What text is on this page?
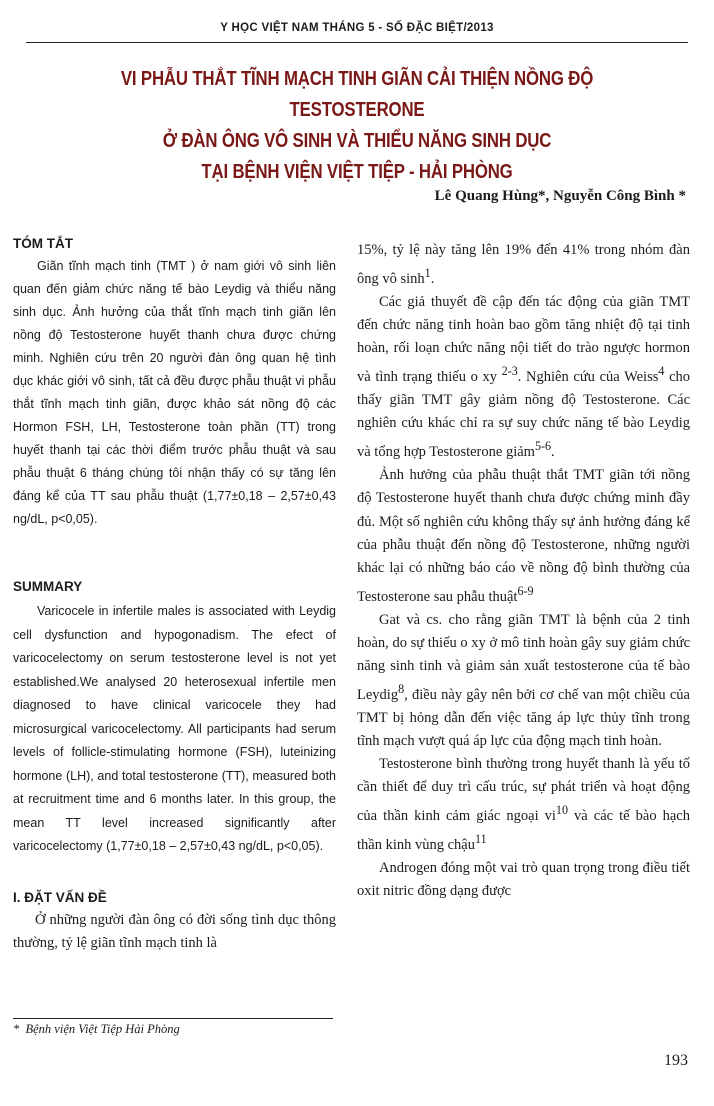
Y HỌC VIỆT NAM THÁNG 5 - SỐ ĐẶC BIỆT/2013
VI PHẪU THẮT TĨNH MẠCH TINH GIÃN CẢI THIỆN NỒNG ĐỘ TESTOSTERONE
Ở ĐÀN ÔNG VÔ SINH VÀ THIỂU NĂNG SINH DỤC
TẠI BỆNH VIỆN VIỆT TIỆP - HẢI PHÒNG
Lê Quang Hùng*, Nguyễn Công Bình *

TÓM TẮT

Giãn tĩnh mạch tinh (TMT ) ở nam giới vô sinh liên quan đến giảm chức năng tế bào Leydig và thiểu năng sinh dục. Ảnh hưởng của thắt tĩnh mạch tinh giãn lên nồng độ Testosterone huyết thanh chưa được chứng minh. Nghiên cứu trên 20 người đàn ông quan hệ tình dục khác giới vô sinh, tất cả đều được phẫu thuật vi phẫu thắt tĩnh mạch tinh giãn, được khảo sát nồng độ các Hormon FSH, LH, Testosterone toàn phần (TT) trong huyết thanh tại các thời điểm trước phẫu thuật và sau phẫu thuật 6 tháng chúng tôi nhận thấy có sự tăng lên đáng kể của TT sau phẫu thuật (1,77±0,18 – 2,57±0,43 ng/dL, p<0,05).

SUMMARY

Varicocele in infertile males is associated with Leydig cell dysfunction and hypogonadism. The efect of varicocelectomy on serum testosterone level is not yet established.We analysed 20 heterosexual infertile men diagnosed to have clinical varicocele they had microsurgical varicocelectomy. All participants had serum levels of follicle-stimulating hormone (FSH), luteinizing hormone (LH), and total testosterone (TT), measured both at recruitment time and 6 months later. In this group, the mean TT level increased significantly after varicocelectomy (1,77±0,18 – 2,57±0,43 ng/dL, p<0,05).

I. ĐẶT VẤN ĐỀ

Ở những người đàn ông có đời sống tình dục thông thường, tỷ lệ giãn tĩnh mạch tinh là

* Bệnh viện Việt Tiệp Hải Phòng

15%, tỷ lệ này tăng lên 19% đến 41% trong nhóm đàn ông vô $\sinh^1$.

Các giả thuyết đề cập đến tác động của giãn TMT đến chức năng tinh hoàn bao gồm tăng nhiệt độ tại tinh hoàn, rối loạn chức năng nội tiết do trào ngược hormon và tình trạng thiếu o xy $^{2-3}$. Nghiên cứu của Weiss$^4$ cho thấy giãn TMT gây giảm nồng độ Testosterone. Các nghiên cứu khác chỉ ra sự suy chức năng tế bào Leydig và tổng hợp Testosterone giảm$^{5-6}$.

Ảnh hưởng của phẫu thuật thắt TMT giãn tới nồng độ Testosterone huyết thanh chưa được chứng minh đầy đủ. Một số nghiên cứu không thấy sự ảnh hưởng đáng kể của phẫu thuật đến nồng độ Testosterone, những người khác lại có những báo cáo về nồng độ bình thường của Testosterone sau phẫu thuật$^{6-9}$

Gat và cs. cho rằng giãn TMT là bệnh của 2 tinh hoàn, do sự thiếu o xy ở mô tinh hoàn gây suy giảm chức năng sinh tinh và giảm sản xuất testosterone của tế bào Leydig$^8$, điều này gây nên bởi cơ chế van một chiều của TMT bị hỏng dẫn đến việc tăng áp lực thủy tĩnh trong tĩnh mạch vượt quá áp lực của động mạch tinh hoàn.

Testosterone bình thường trong huyết thanh là yếu tố cần thiết để duy trì cấu trúc, sự phát triển và hoạt động của thần kinh cảm giác ngoại $vi^{10}$ và các tế bào hạch thần kinh vùng chậu$^{11}$

Androgen đóng một vai trò quan trọng trong điều tiết oxit nitric đồng dạng được

193
